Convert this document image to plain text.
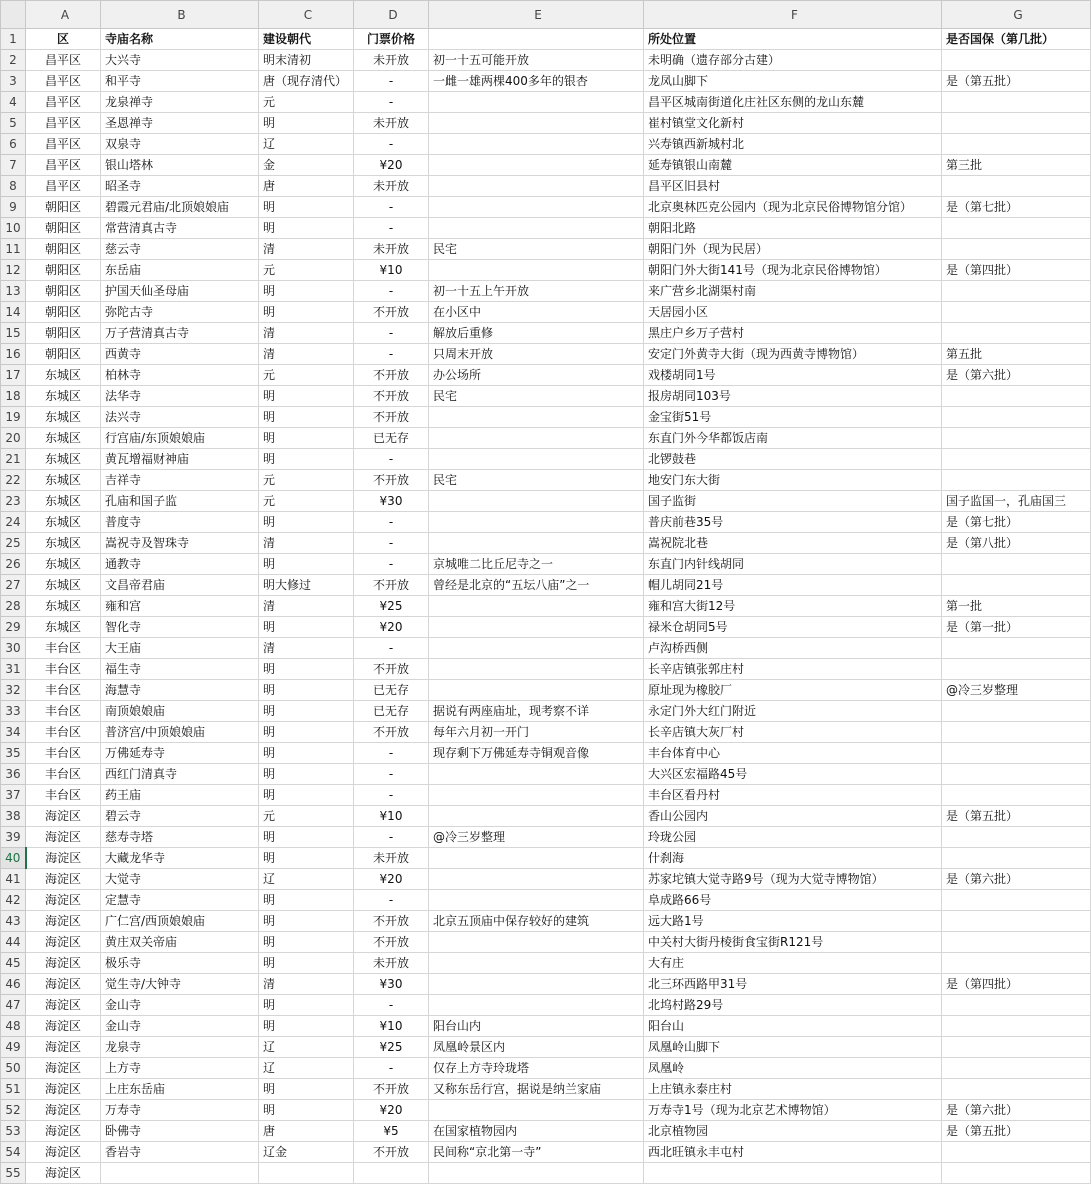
	A	B	C	D	E	F	G
1	区	寺庙名称	建设朝代	门票价格		所处位置	是否国保（第几批）
2	昌平区	大兴寺	明末清初	未开放	初一十五可能开放	未明确（遗存部分古建）	
3	昌平区	和平寺	唐（现存清代）	-	一雌一雄两棵400多年的银杏	龙凤山脚下	是（第五批）
4	昌平区	龙泉禅寺	元	-		昌平区城南街道化庄社区东侧的龙山东麓	
5	昌平区	圣恩禅寺	明	未开放		崔村镇堂文化新村	
6	昌平区	双泉寺	辽	-		兴寿镇西新城村北	
7	昌平区	银山塔林	金	¥20		延寿镇银山南麓	第三批
8	昌平区	昭圣寺	唐	未开放		昌平区旧县村	
9	朝阳区	碧霞元君庙/北顶娘娘庙	明	-		北京奥林匹克公园内（现为北京民俗博物馆分馆）	是（第七批）
10	朝阳区	常营清真古寺	明	-		朝阳北路	
11	朝阳区	慈云寺	清	未开放	民宅	朝阳门外（现为民居）	
12	朝阳区	东岳庙	元	¥10		朝阳门外大街141号（现为北京民俗博物馆）	是（第四批）
13	朝阳区	护国天仙圣母庙	明	-	初一十五上午开放	来广营乡北湖渠村南	
14	朝阳区	弥陀古寺	明	不开放	在小区中	天居园小区	
15	朝阳区	万子营清真古寺	清	-	解放后重修	黑庄户乡万子营村	
16	朝阳区	西黄寺	清	-	只周末开放	安定门外黄寺大街（现为西黄寺博物馆）	第五批
17	东城区	柏林寺	元	不开放	办公场所	戏楼胡同1号	是（第六批）
18	东城区	法华寺	明	不开放	民宅	报房胡同103号	
19	东城区	法兴寺	明	不开放		金宝街51号	
20	东城区	行宫庙/东顶娘娘庙	明	已无存		东直门外今华都饭店南	
21	东城区	黄瓦增福财神庙	明	-		北锣鼓巷	
22	东城区	吉祥寺	元	不开放	民宅	地安门东大街	
23	东城区	孔庙和国子监	元	¥30		国子监街	国子监国一，孔庙国三
24	东城区	普度寺	明	-		普庆前巷35号	是（第七批）
25	东城区	嵩祝寺及智珠寺	清	-		嵩祝院北巷	是（第八批）
26	东城区	通教寺	明	-	京城唯二比丘尼寺之一	东直门内针线胡同	
27	东城区	文昌帝君庙	明大修过	不开放	曾经是北京的“五坛八庙”之一	帽儿胡同21号	
28	东城区	雍和宫	清	¥25		雍和宫大街12号	第一批
29	东城区	智化寺	明	¥20		禄米仓胡同5号	是（第一批）
30	丰台区	大王庙	清	-		卢沟桥西侧	
31	丰台区	福生寺	明	不开放		长辛店镇张郭庄村	
32	丰台区	海慧寺	明	已无存		原址现为橡胶厂	@冷三岁整理
33	丰台区	南顶娘娘庙	明	已无存	据说有两座庙址，现考察不详	永定门外大红门附近	
34	丰台区	普济宫/中顶娘娘庙	明	不开放	每年六月初一开门	长辛店镇大灰厂村	
35	丰台区	万佛延寿寺	明	-	现存剩下万佛延寿寺铜观音像	丰台体育中心	
36	丰台区	西红门清真寺	明	-		大兴区宏福路45号	
37	丰台区	药王庙	明	-		丰台区看丹村	
38	海淀区	碧云寺	元	¥10		香山公园内	是（第五批）
39	海淀区	慈寿寺塔	明	-	@冷三岁整理	玲珑公园	
40	海淀区	大藏龙华寺	明	未开放		什刹海	
41	海淀区	大觉寺	辽	¥20		苏家坨镇大觉寺路9号（现为大觉寺博物馆）	是（第六批）
42	海淀区	定慧寺	明	-		阜成路66号	
43	海淀区	广仁宫/西顶娘娘庙	明	不开放	北京五顶庙中保存较好的建筑	远大路1号	
44	海淀区	黄庄双关帝庙	明	不开放		中关村大街丹棱街食宝街R121号	
45	海淀区	极乐寺	明	未开放		大有庄	
46	海淀区	觉生寺/大钟寺	清	¥30		北三环西路甲31号	是（第四批）
47	海淀区	金山寺	明	-		北坞村路29号	
48	海淀区	金山寺	明	¥10	阳台山内	阳台山	
49	海淀区	龙泉寺	辽	¥25	凤凰岭景区内	凤凰岭山脚下	
50	海淀区	上方寺	辽	-	仅存上方寺玲珑塔	凤凰岭	
51	海淀区	上庄东岳庙	明	不开放	又称东岳行宫，据说是纳兰家庙	上庄镇永泰庄村	
52	海淀区	万寿寺	明	¥20		万寿寺1号（现为北京艺术博物馆）	是（第六批）
53	海淀区	卧佛寺	唐	¥5	在国家植物园内	北京植物园	是（第五批）
54	海淀区	香岩寺	辽金	不开放	民间称“京北第一寺”	西北旺镇永丰屯村	
55	海淀区						
